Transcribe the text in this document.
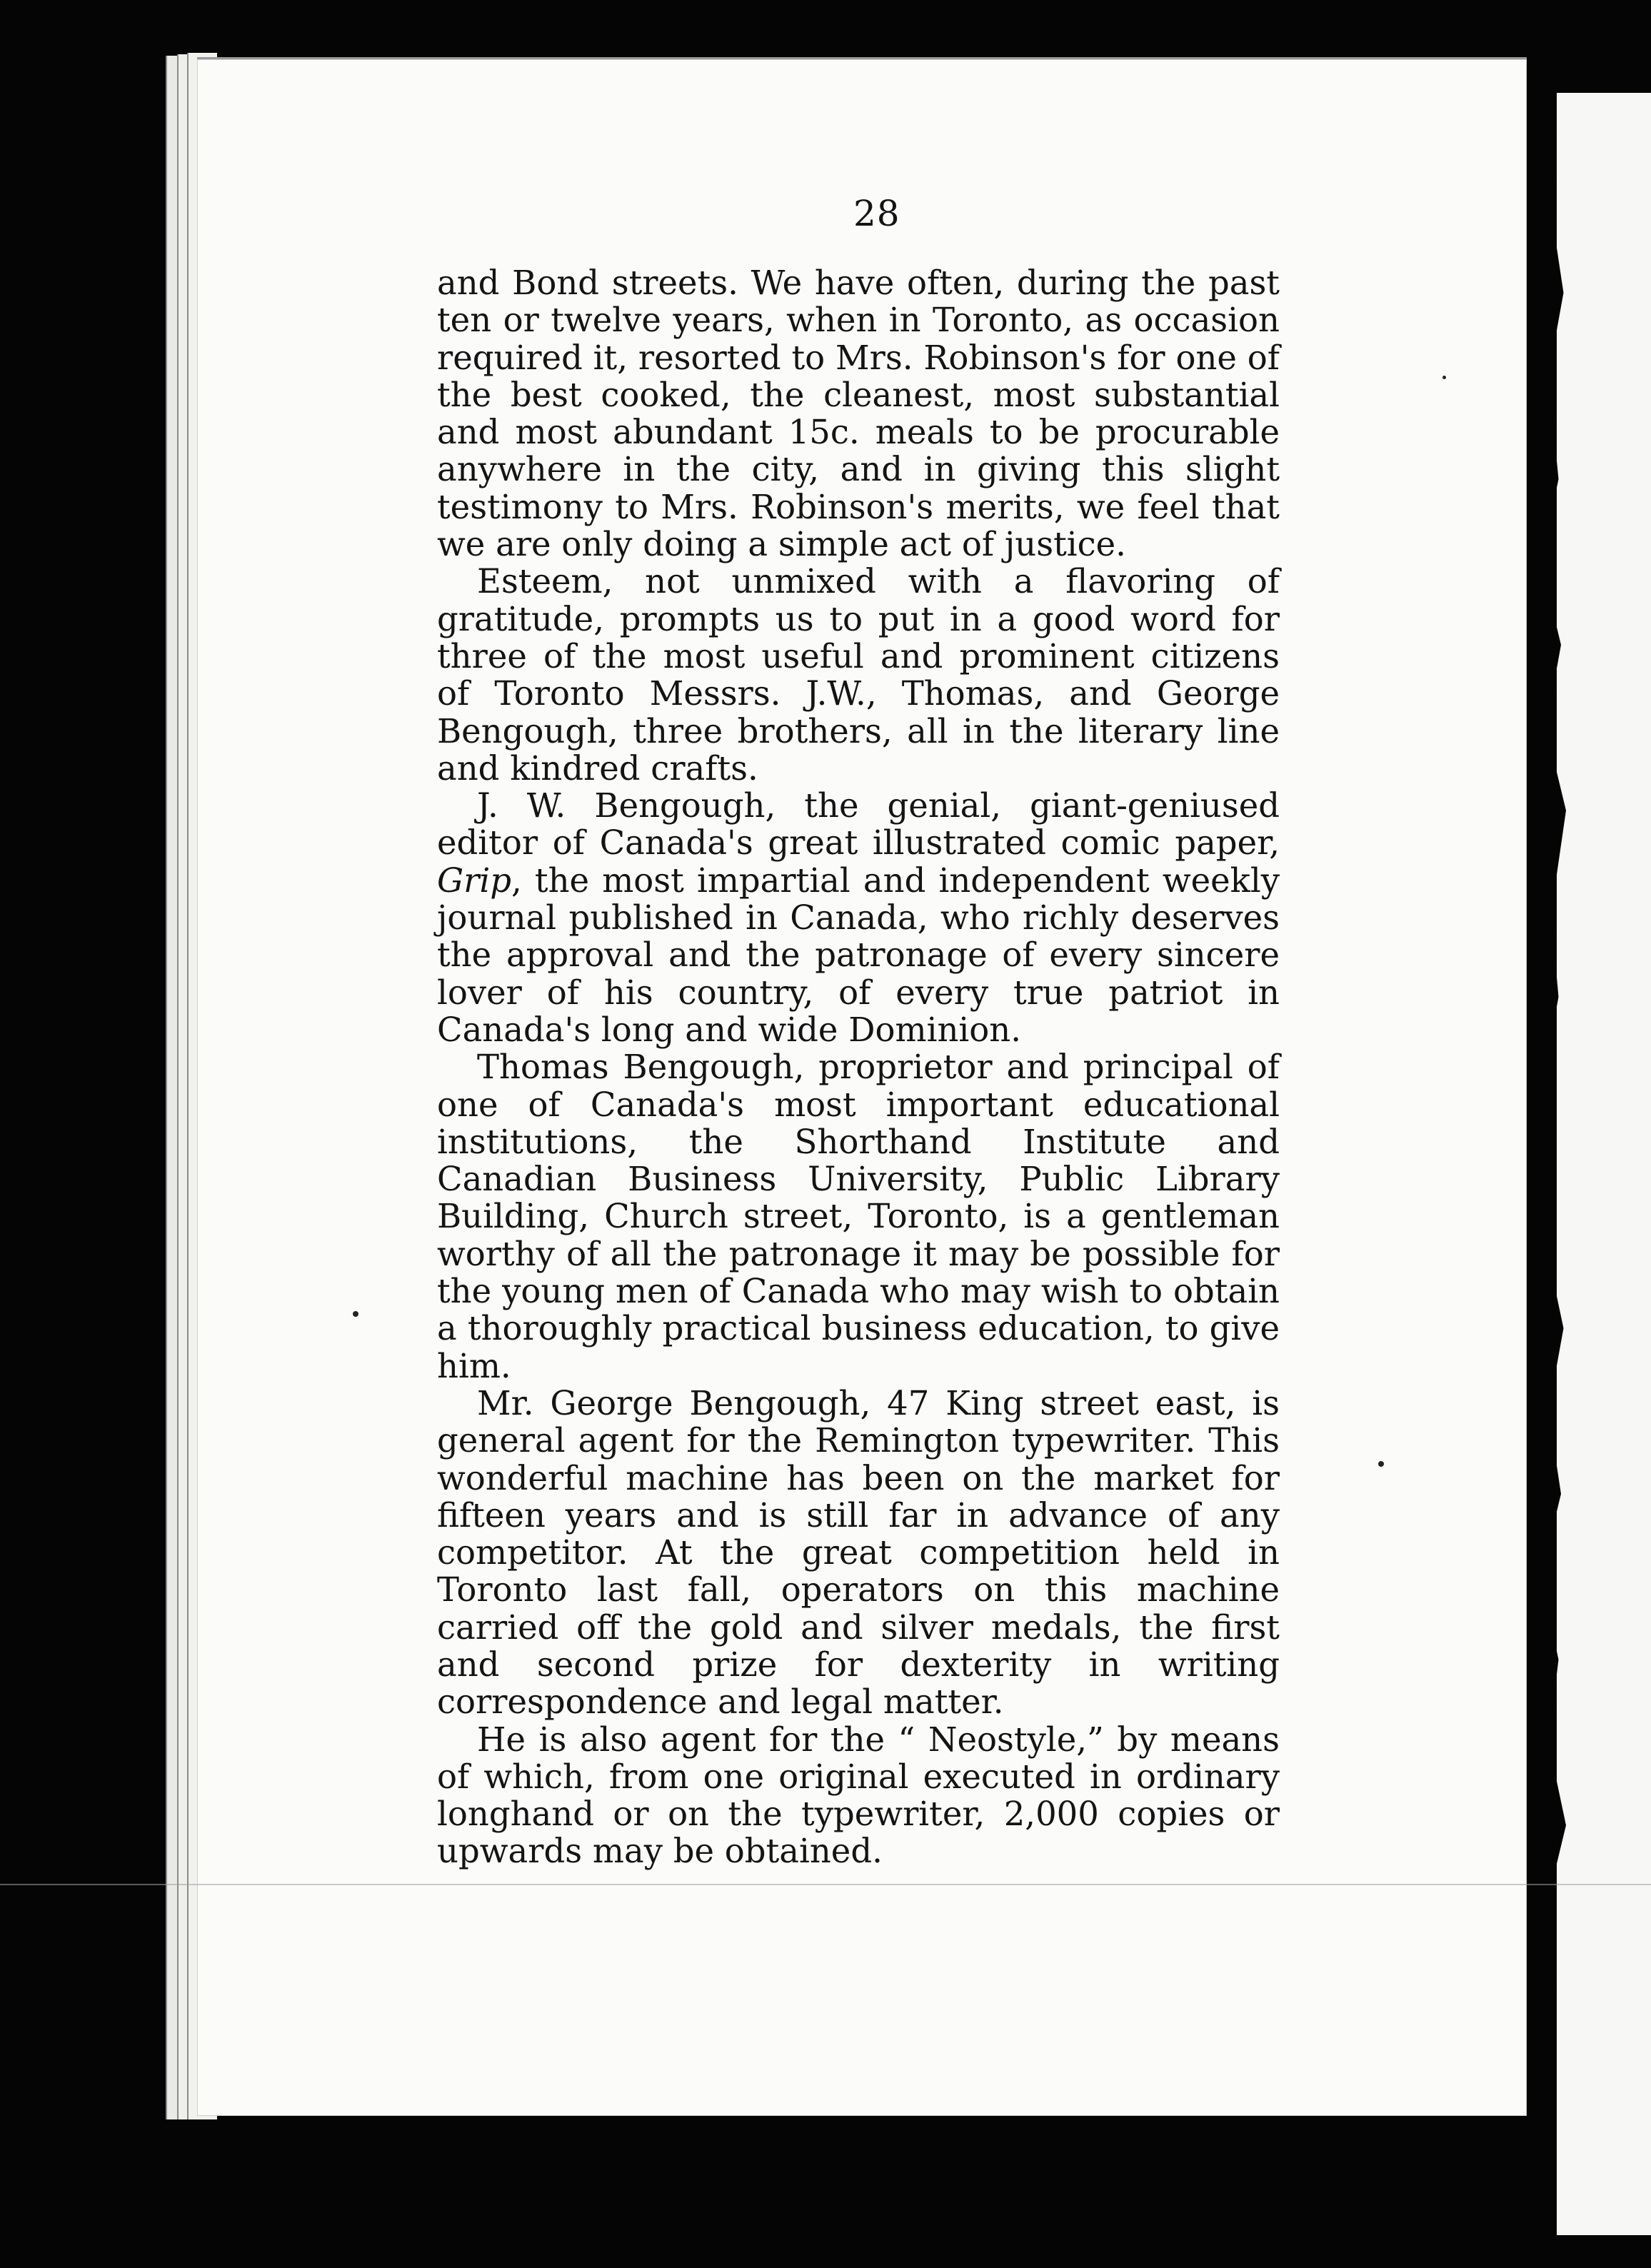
28

and Bond streets. We have often, during the past ten or twelve years, when in Toronto, as occasion required it, resorted to Mrs. Robinson's for one of the best cooked, the cleanest, most substantial and most abundant 15c. meals to be procurable anywhere in the city, and in giving this slight testimony to Mrs. Robinson's merits, we feel that we are only doing a simple act of justice.

Esteem, not unmixed with a flavoring of gratitude, prompts us to put in a good word for three of the most useful and prominent citizens of Toronto Messrs. J.W., Thomas, and George Bengough, three brothers, all in the literary line and kindred crafts.

J. W. Bengough, the genial, giant-geniused editor of Canada's great illustrated comic paper, Grip, the most impartial and independent weekly journal published in Canada, who richly deserves the approval and the patronage of every sincere lover of his country, of every true patriot in Canada's long and wide Dominion.

Thomas Bengough, proprietor and principal of one of Canada's most important educational institutions, the Shorthand Institute and Canadian Business University, Public Library Building, Church street, Toronto, is a gentleman worthy of all the patronage it may be possible for the young men of Canada who may wish to obtain a thoroughly practical business education, to give him.

Mr. George Bengough, 47 King street east, is general agent for the Remington typewriter. This wonderful machine has been on the market for fifteen years and is still far in advance of any competitor. At the great competition held in Toronto last fall, operators on this machine carried off the gold and silver medals, the first and second prize for dexterity in writing correspondence and legal matter.

He is also agent for the “ Neostyle,” by means of which, from one original executed in ordinary longhand or on the typewriter, 2,000 copies or upwards may be obtained.
